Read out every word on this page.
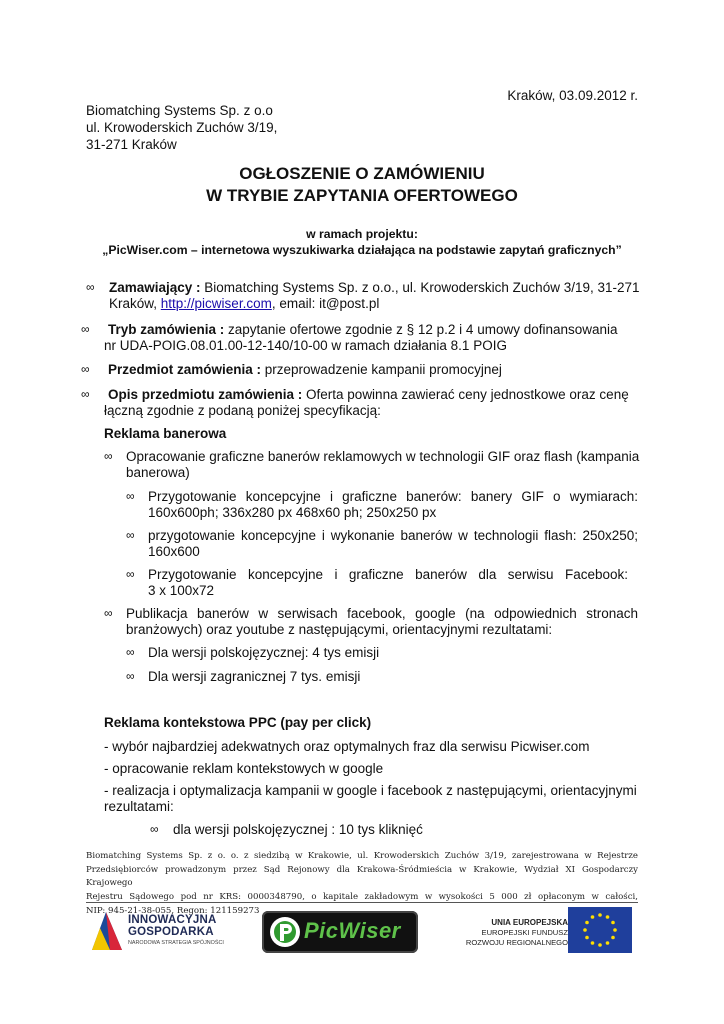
Kraków, 03.09.2012 r.
Biomatching Systems Sp. z o.o
ul. Krowoderskich Zuchów 3/19,
31-271 Kraków
OGŁOSZENIE O ZAMÓWIENIU
W TRYBIE ZAPYTANIA OFERTOWEGO
w ramach projektu:
„PicWiser.com – internetowa wyszukiwarka działająca na podstawie zapytań graficznych”
∞ Zamawiający : Biomatching Systems Sp. z o.o., ul. Krowoderskich Zuchów 3/19, 31-271
Kraków, http://picwiser.com, email: it@post.pl
∞ Tryb zamówienia : zapytanie ofertowe zgodnie z § 12 p.2 i 4 umowy dofinansowania
nr UDA-POIG.08.01.00-12-140/10-00 w ramach działania 8.1 POIG
∞ Przedmiot zamówienia : przeprowadzenie kampanii promocyjnej
∞ Opis przedmiotu zamówienia : Oferta powinna zawierać ceny jednostkowe oraz cenę
łączną zgodnie z podaną poniżej specyfikacją:
Reklama banerowa
∞ Opracowanie graficzne banerów reklamowych w technologii GIF oraz flash (kampania
banerowa)
∞ Przygotowanie koncepcyjne i graficzne banerów: banery GIF o wymiarach:
160x600ph; 336x280 px 468x60 ph; 250x250 px
∞ przygotowanie koncepcyjne i wykonanie banerów w technologii flash: 250x250;
160x600
∞ Przygotowanie koncepcyjne i graficzne banerów dla serwisu Facebook:
3 x 100x72
∞ Publikacja banerów w serwisach facebook, google (na odpowiednich stronach
branżowych) oraz youtube z następującymi, orientacyjnymi rezultatami:
∞ Dla wersji polskojęzycznej: 4 tys emisji
∞ Dla wersji zagranicznej 7 tys. emisji
Reklama kontekstowa PPC (pay per click)
- wybór najbardziej adekwatnych oraz optymalnych fraz dla serwisu Picwiser.com
- opracowanie reklam kontekstowych w google
- realizacja i optymalizacja kampanii w google i facebook z następującymi, orientacyjnymi
rezultatami:
∞ dla wersji polskojęzycznej : 10 tys kliknięć
Biomatching Systems Sp. z o. o. z siedzibą w Krakowie, ul. Krowoderskich Zuchów 3/19, zarejestrowana w Rejestrze
Przedsiębiorców prowadzonym przez Sąd Rejonowy dla Krakowa-Śródmieścia w Krakowie, Wydział XI Gospodarczy Krajowego
Rejestru Sądowego pod nr KRS: 0000348790, o kapitale zakładowym w wysokości 5 000 zł opłaconym w całości,
NIP: 945-21-38-055, Regon: 121159273
INNOWACYJNA
GOSPODARKA
NARODOWA STRATEGIA SPÓJNOŚCI	PicWiser	UNIA EUROPEJSKA
EUROPEJSKI FUNDUSZ
ROZWOJU REGIONALNEGO
